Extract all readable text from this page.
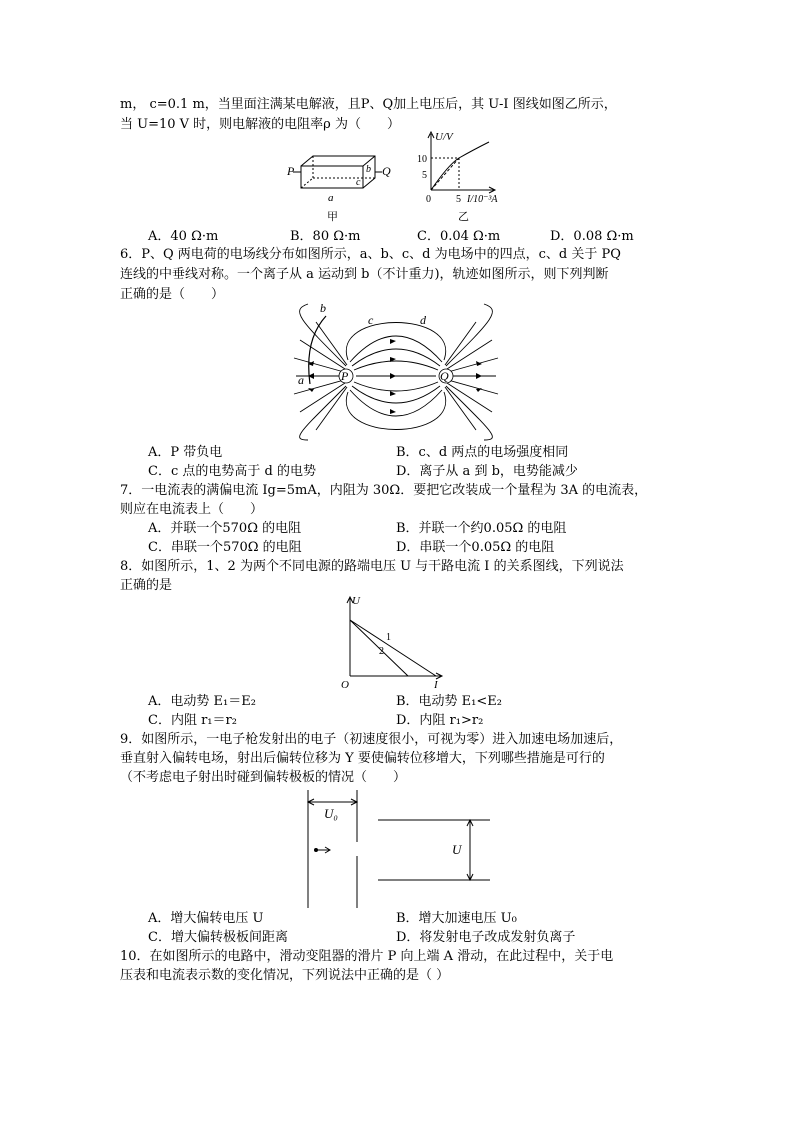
m， c=0.1 m，当里面注满某电解液，且P、Q加上电压后，其 U-I 图线如图乙所示，
当 U=10 V 时，则电解液的电阻率ρ 为（　　）
P	Q
b
c
a
甲
U/V
10
5
0	5 I/10⁻³A
乙
A．40 Ω·m	B．80 Ω·m	C．0.04 Ω·m	D．0.08 Ω·m
6．P、Q 两电荷的电场线分布如图所示，a、b、c、d 为电场中的四点，c、d 关于 PQ
连线的中垂线对称。一个离子从 a 运动到 b（不计重力)，轨迹如图所示，则下列判断
正确的是（　　）
P	Q
a
b
c	d
A．P 带负电	B．c、d 两点的电场强度相同
C．c 点的电势高于 d 的电势	D．离子从 a 到 b，电势能减少
7．一电流表的满偏电流 Ig=5mA，内阻为 30Ω．要把它改装成一个量程为 3A 的电流表，
则应在电流表上（　　）
A．并联一个570Ω 的电阻	B．并联一个约0.05Ω 的电阻
C．串联一个570Ω 的电阻	D．串联一个0.05Ω 的电阻
8．如图所示，1、2 为两个不同电源的路端电压 U 与干路电流 I 的关系图线，下列说法
正确的是
U
I
O
1
2
A．电动势 E₁＝E₂	B．电动势 E₁<E₂
C．内阻 r₁＝r₂	D．内阻 r₁>r₂
9．如图所示，一电子枪发射出的电子（初速度很小，可视为零）进入加速电场加速后，
垂直射入偏转电场，射出后偏转位移为 Y 要使偏转位移增大，下列哪些措施是可行的
（不考虑电子射出时碰到偏转极板的情况（　　）
U₀
U
A．增大偏转电压 U	B．增大加速电压 U₀
C．增大偏转极板间距离	D．将发射电子改成发射负离子
10．在如图所示的电路中，滑动变阻器的滑片 P 向上端 A 滑动，在此过程中，关于电
压表和电流表示数的变化情况，下列说法中正确的是（ ）
